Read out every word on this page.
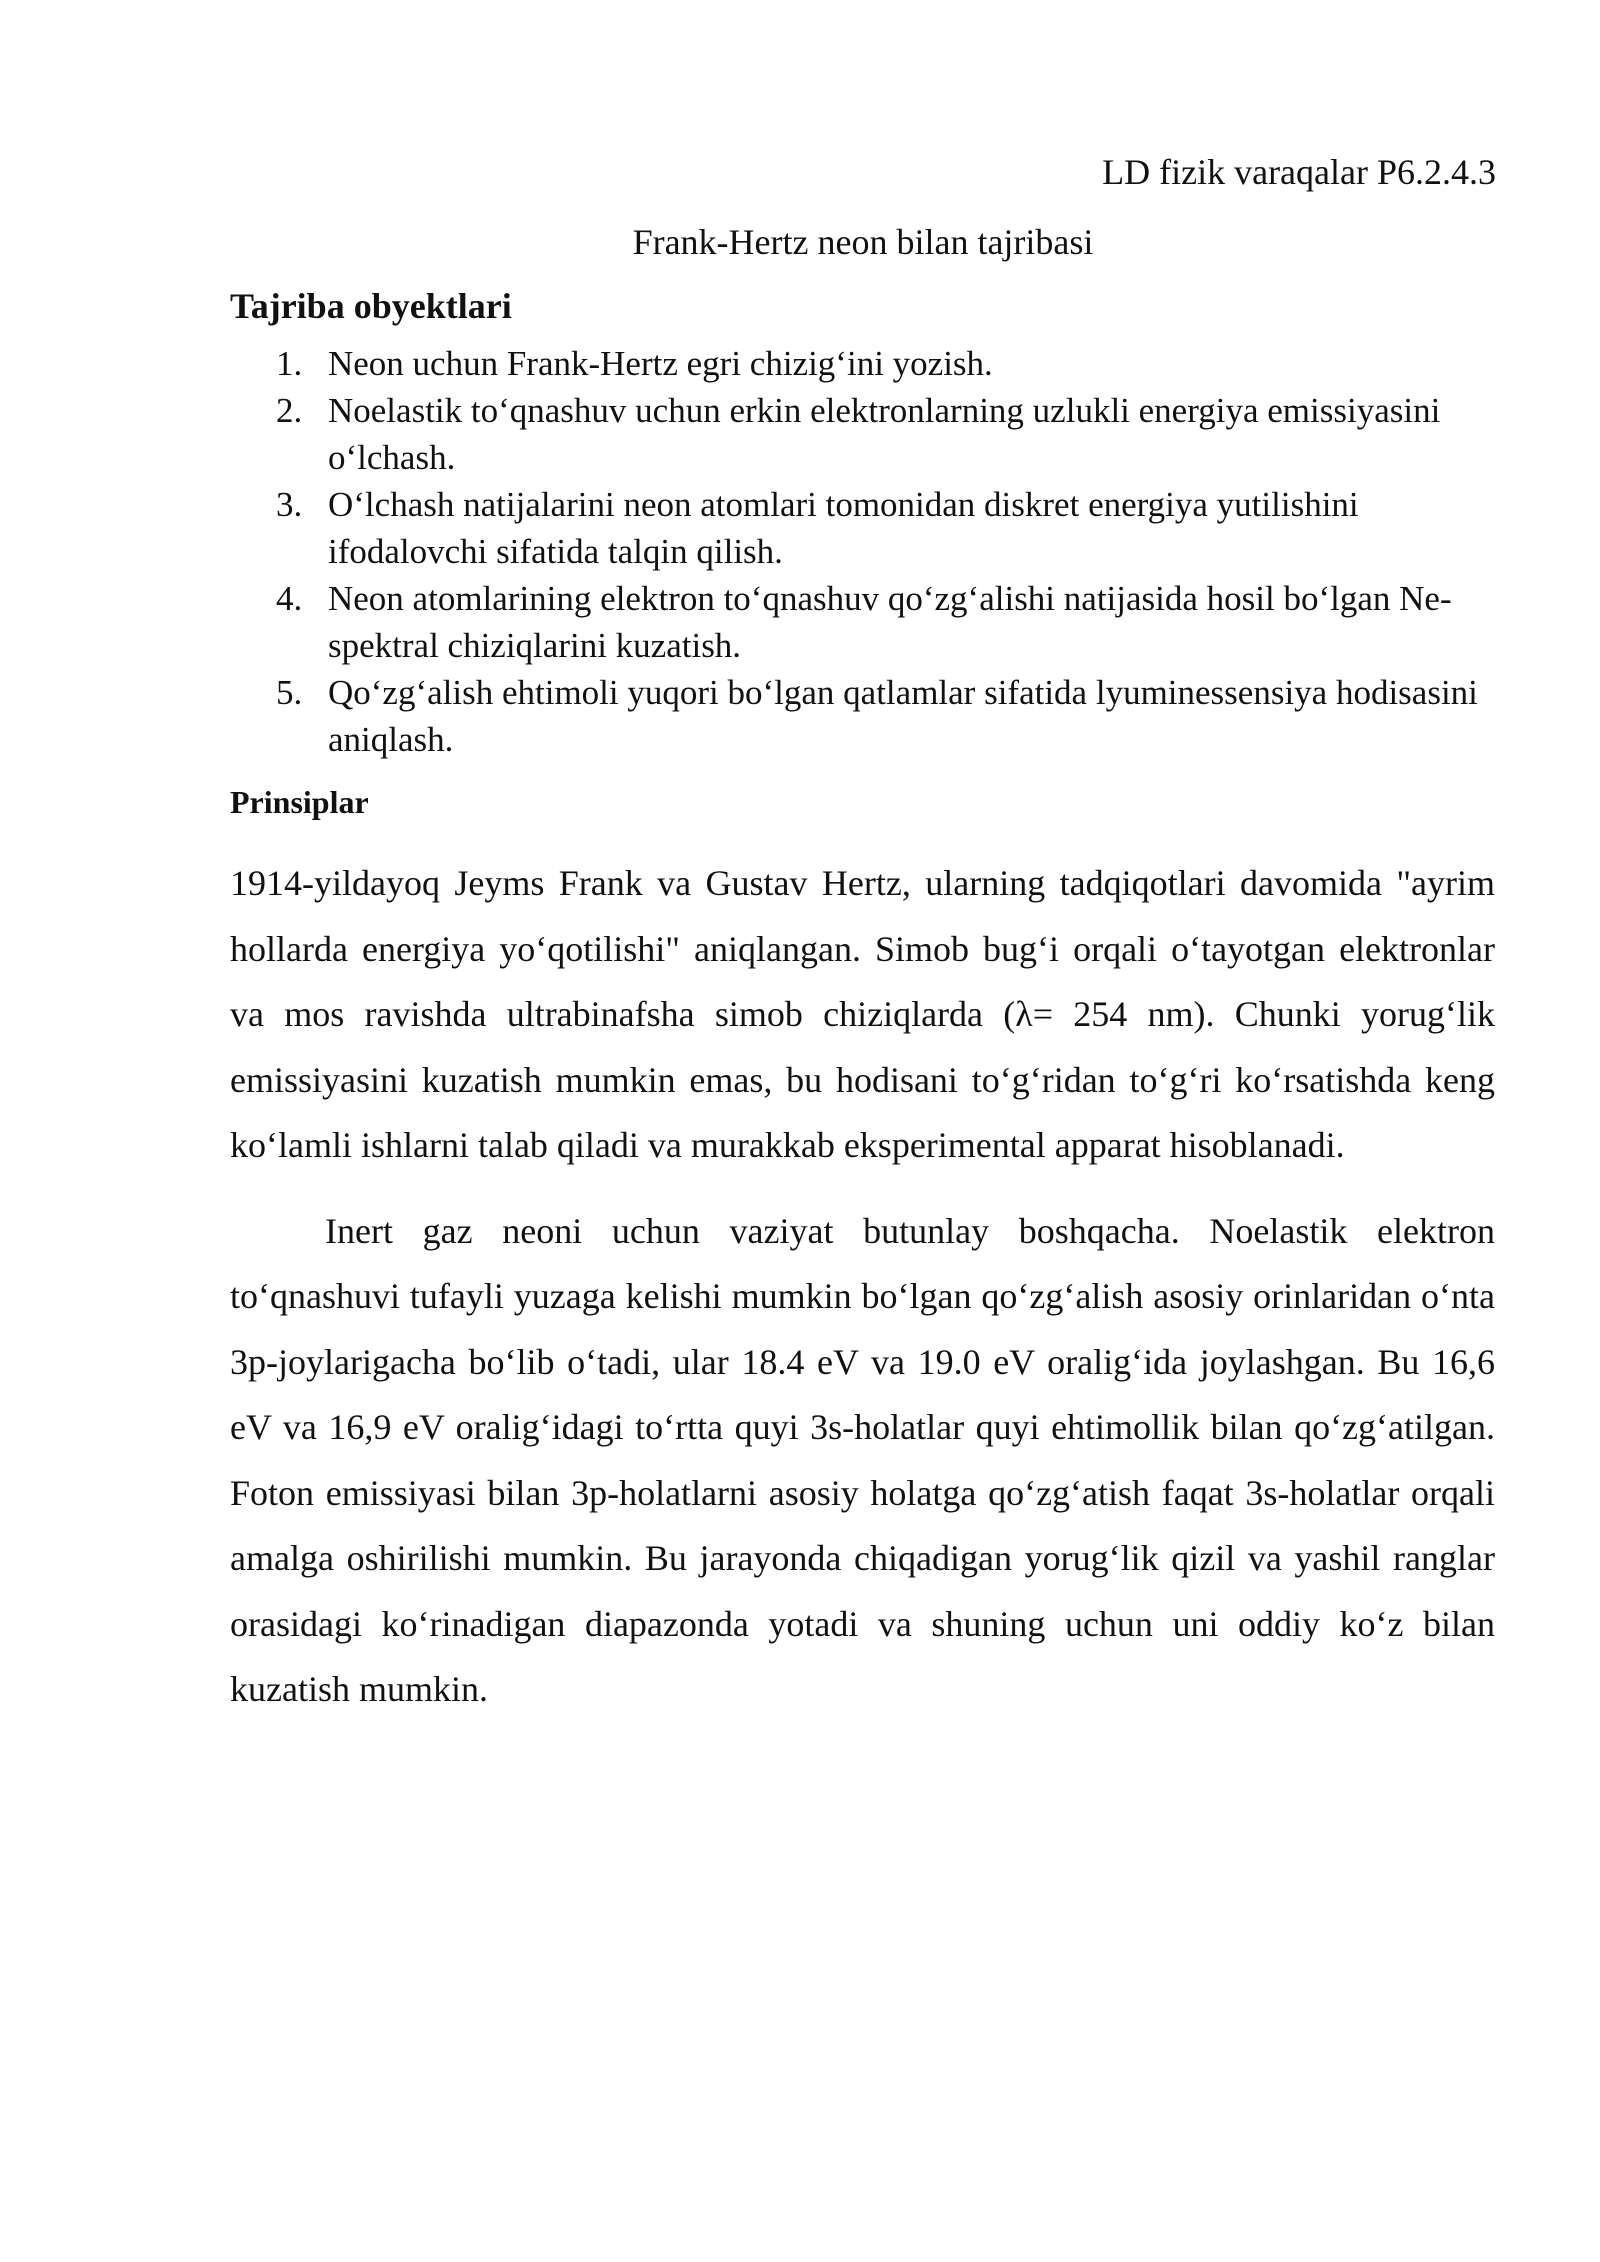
LD fizik varaqalar P6.2.4.3
Frank-Hertz neon bilan tajribasi
Tajriba obyektlari
1. Neon uchun Frank-Hertz egri chizig‘ini yozish.
2. Noelastik to‘qnashuv uchun erkin elektronlarning uzlukli energiya emissiyasini o‘lchash.
3. O‘lchash natijalarini neon atomlari tomonidan diskret energiya yutilishini ifodalovchi sifatida talqin qilish.
4. Neon atomlarining elektron to‘qnashuv qo‘zg‘alishi natijasida hosil bo‘lgan Ne-spektral chiziqlarini kuzatish.
5. Qo‘zg‘alish ehtimoli yuqori bo‘lgan qatlamlar sifatida lyuminessensiya hodisasini aniqlash.
Prinsiplar

1914-yildayoq Jeyms Frank va Gustav Hertz, ularning tadqiqotlari davomida "ayrim hollarda energiya yo‘qotilishi" aniqlangan. Simob bug‘i orqali o‘tayotgan elektronlar va mos ravishda ultrabinafsha simob chiziqlarda (λ= 254 nm). Chunki yorug‘lik emissiyasini kuzatish mumkin emas, bu hodisani to‘g‘ridan to‘g‘ri ko‘rsatishda keng ko‘lamli ishlarni talab qiladi va murakkab eksperimental apparat hisoblanadi.

Inert gaz neoni uchun vaziyat butunlay boshqacha. Noelastik elektron to‘qnashuvi tufayli yuzaga kelishi mumkin bo‘lgan qo‘zg‘alish asosiy orinlaridan o‘nta 3p-joylarigacha bo‘lib o‘tadi, ular 18.4 eV va 19.0 eV oralig‘ida joylashgan. Bu 16,6 eV va 16,9 eV oralig‘idagi to‘rtta quyi 3s-holatlar quyi ehtimollik bilan qo‘zg‘atilgan. Foton emissiyasi bilan 3p-holatlarni asosiy holatga qo‘zg‘atish faqat 3s-holatlar orqali amalga oshirilishi mumkin. Bu jarayonda chiqadigan yorug‘lik qizil va yashil ranglar orasidagi ko‘rinadigan diapazonda yotadi va shuning uchun uni oddiy ko‘z bilan kuzatish mumkin.
